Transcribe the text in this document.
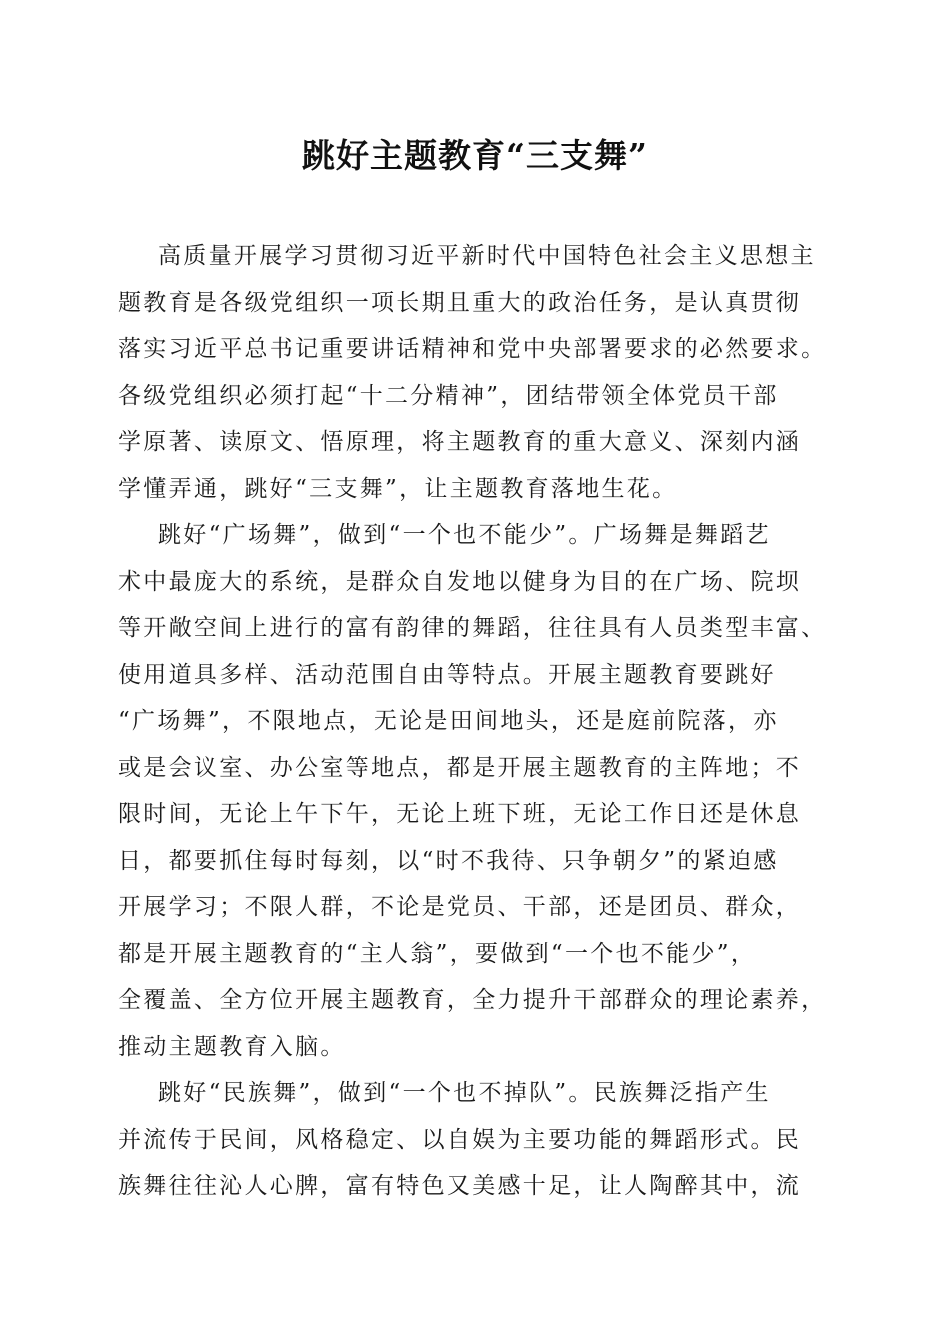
跳好主题教育“三支舞”
高质量开展学习贯彻习近平新时代中国特色社会主义思想主
题教育是各级党组织一项长期且重大的政治任务，是认真贯彻
落实习近平总书记重要讲话精神和党中央部署要求的必然要求。
各级党组织必须打起“十二分精神”，团结带领全体党员干部
学原著、读原文、悟原理，将主题教育的重大意义、深刻内涵
学懂弄通，跳好“三支舞”，让主题教育落地生花。
跳好“广场舞”，做到“一个也不能少”。广场舞是舞蹈艺
术中最庞大的系统，是群众自发地以健身为目的在广场、院坝
等开敞空间上进行的富有韵律的舞蹈，往往具有人员类型丰富、
使用道具多样、活动范围自由等特点。开展主题教育要跳好
“广场舞”，不限地点，无论是田间地头，还是庭前院落，亦
或是会议室、办公室等地点，都是开展主题教育的主阵地；不
限时间，无论上午下午，无论上班下班，无论工作日还是休息
日，都要抓住每时每刻，以“时不我待、只争朝夕”的紧迫感
开展学习；不限人群，不论是党员、干部，还是团员、群众，
都是开展主题教育的“主人翁”，要做到“一个也不能少”，
全覆盖、全方位开展主题教育，全力提升干部群众的理论素养，
推动主题教育入脑。
跳好“民族舞”，做到“一个也不掉队”。民族舞泛指产生
并流传于民间，风格稳定、以自娱为主要功能的舞蹈形式。民
族舞往往沁人心脾，富有特色又美感十足，让人陶醉其中，流
